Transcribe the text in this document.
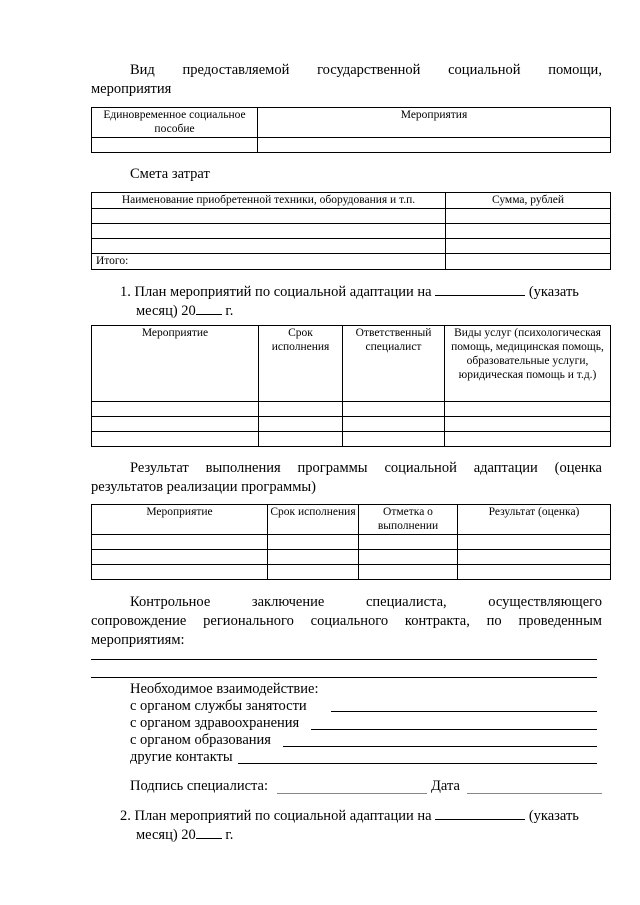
Вид предоставляемой государственной социальной помощи,
мероприятия
Единовременное социальное пособие	Мероприятия

Смета затрат
Наименование приобретенной техники, оборудования и т.п.	Сумма, рублей

Итого:	
1. План мероприятий по социальной адаптации на	(указать
месяц) 20 г.
Мероприятие	Срок исполнения	Ответственный специалист	Виды услуг (психологическая помощь, медицинская помощь, образовательные услуги, юридическая помощь и т.д.)

Результат выполнения программы социальной адаптации (оценка
результатов реализации программы)
Мероприятие	Срок исполнения	Отметка о выполнении	Результат (оценка)

Контрольное	заключение	специалиста,	осуществляющего
сопровождение регионального социального контракта, по проведенным
мероприятиям:
Необходимое взаимодействие:
с органом службы занятости
с органом здравоохранения
с органом образования
другие контакты
Подпись специалиста:	Дата
2. План мероприятий по социальной адаптации на	(указать
месяц) 20 г.
